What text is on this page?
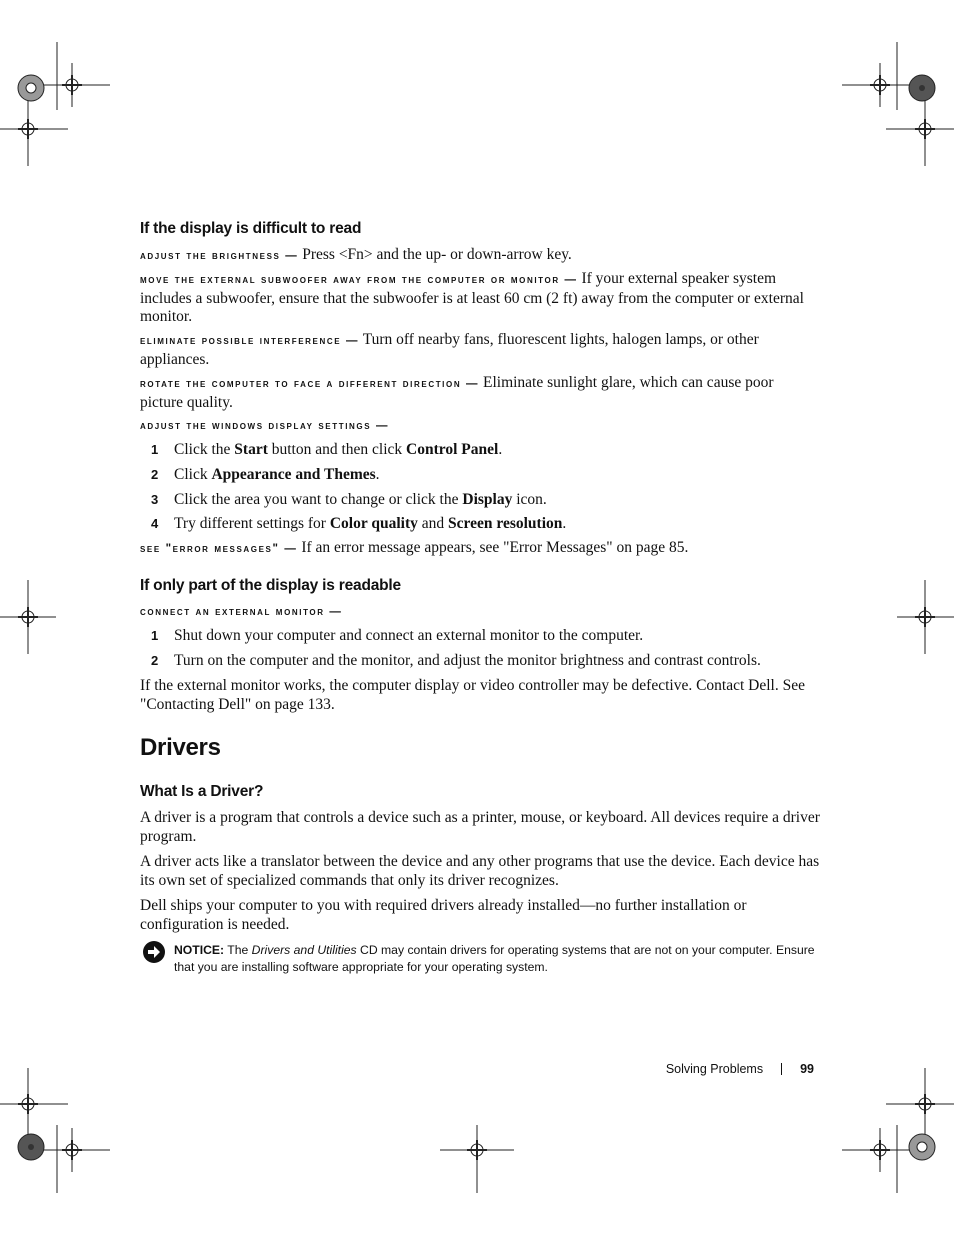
If the display is difficult to read

adjust the brightness — Press <Fn> and the up- or down-arrow key.

move the external subwoofer away from the computer or monitor — If your external speaker system includes a subwoofer, ensure that the subwoofer is at least 60 cm (2 ft) away from the computer or external monitor.

eliminate possible interference — Turn off nearby fans, fluorescent lights, halogen lamps, or other appliances.

rotate the computer to face a different direction — Eliminate sunlight glare, which can cause poor picture quality.

adjust the windows display settings —

1 Click the Start button and then click Control Panel.
2 Click Appearance and Themes.
3 Click the area you want to change or click the Display icon.
4 Try different settings for Color quality and Screen resolution.

see "error messages" — If an error message appears, see "Error Messages" on page 85.

If only part of the display is readable

connect an external monitor —

1 Shut down your computer and connect an external monitor to the computer.
2 Turn on the computer and the monitor, and adjust the monitor brightness and contrast controls.

If the external monitor works, the computer display or video controller may be defective. Contact Dell. See "Contacting Dell" on page 133.

Drivers
What Is a Driver?

A driver is a program that controls a device such as a printer, mouse, or keyboard. All devices require a driver program.

A driver acts like a translator between the device and any other programs that use the device. Each device has its own set of specialized commands that only its driver recognizes.

Dell ships your computer to you with required drivers already installed—no further installation or configuration is needed.

NOTICE: The Drivers and Utilities CD may contain drivers for operating systems that are not on your computer. Ensure that you are installing software appropriate for your operating system.
Solving Problems	99
